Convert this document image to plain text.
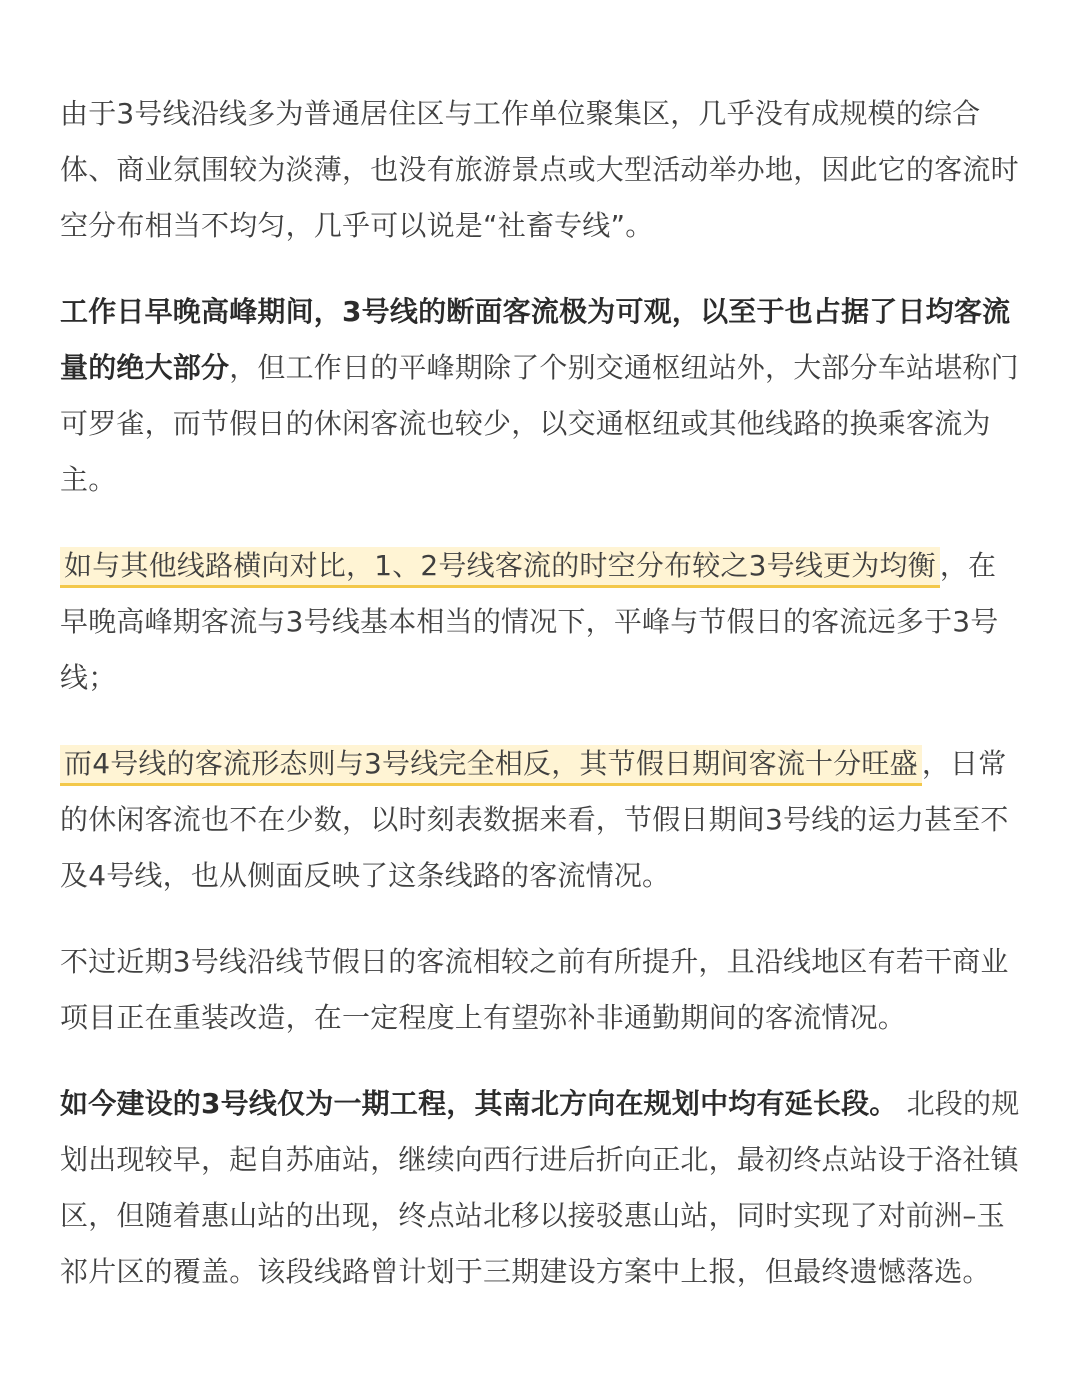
由于3号线沿线多为普通居住区与工作单位聚集区，几乎没有成规模的综合体、商业氛围较为淡薄，也没有旅游景点或大型活动举办地，因此它的客流时空分布相当不均匀，几乎可以说是“社畜专线”。

工作日早晚高峰期间，3号线的断面客流极为可观，以至于也占据了日均客流量的绝大部分，但工作日的平峰期除了个别交通枢纽站外，大部分车站堪称门可罗雀，而节假日的休闲客流也较少，以交通枢纽或其他线路的换乘客流为主。

如与其他线路横向对比，1、2号线客流的时空分布较之3号线更为均衡 ，在早晚高峰期客流与3号线基本相当的情况下，平峰与节假日的客流远多于3号线；

而4号线的客流形态则与3号线完全相反，其节假日期间客流十分旺盛 ，日常的休闲客流也不在少数，以时刻表数据来看，节假日期间3号线的运力甚至不及4号线，也从侧面反映了这条线路的客流情况。

不过近期3号线沿线节假日的客流相较之前有所提升，且沿线地区有若干商业项目正在重装改造，在一定程度上有望弥补非通勤期间的客流情况。

如今建设的3号线仅为一期工程，其南北方向在规划中均有延长段。 北段的规划出现较早，起自苏庙站，继续向西行进后折向正北，最初终点站设于洛社镇区，但随着惠山站的出现，终点站北移以接驳惠山站，同时实现了对前洲–玉祁片区的覆盖。该段线路曾计划于三期建设方案中上报，但最终遗憾落选。
